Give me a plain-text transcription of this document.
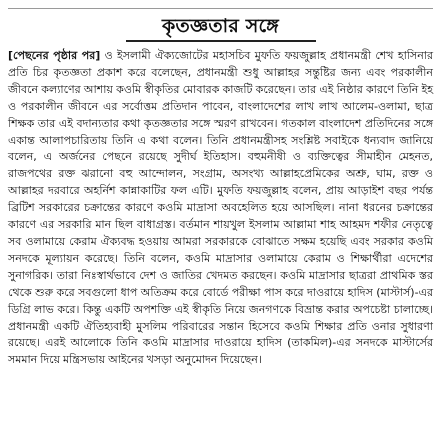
কৃতজ্ঞতার সঙ্গে

[পেছনের পৃষ্ঠার পর] ও ইসলামী ঐক্যজোটের মহাসচিব মুফতি ফয়জুল্লাহ প্রধানমন্ত্রী শেখ হাসিনার প্রতি চির কৃতজ্ঞতা প্রকাশ করে বলেছেন, প্রধানমন্ত্রী শুধু আল্লাহর সন্তুষ্টির জন্য এবং পরকালীন জীবনে কল্যাণের আশায় কওমি স্বীকৃতির মোবারক কাজটি করেছেন। তার এই নিষ্ঠার কারণে তিনি ইহ ও পরকালীন জীবনে এর সর্বোত্তম প্রতিদান পাবেন, বাংলাদেশের লাখ লাখ আলেম-ওলামা, ছাত্র শিক্ষক তার এই বদান্যতার কথা কৃতজ্ঞতার সঙ্গে স্মরণ রাখবেন। গতকাল বাংলাদেশ প্রতিদিনের সঙ্গে একান্ত আলাপচারিতায় তিনি এ কথা বলেন। তিনি প্রধানমন্ত্রীসহ সংশ্লিষ্ট সবাইকে ধন্যবাদ জানিয়ে বলেন, এ অর্জনের পেছনে রয়েছে সুদীর্ঘ ইতিহাস। বহুমনীষী ও ব্যক্তিত্বের সীমাহীন মেহনত, রাজপথের রক্ত ঝরানো বহু আন্দোলন, সংগ্রাম, অসংখ্য আল্লাহপ্রেমিকের অশ্রু, ঘাম, রক্ত ও আল্লাহর দরবারে অহর্নিশ কান্নাকাটির ফল এটি। মুফতি ফয়জুল্লাহ বলেন, প্রায় আড়াইশ বছর পর্যন্ত ব্রিটিশ সরকারের চক্রান্তের কারণে কওমি মাদ্রাসা অবহেলিত হয়ে আসছিল। নানা ধরনের চক্রান্তের কারণে এর সরকারি মান ছিল বাধাগ্রস্ত। বর্তমান শায়খুল ইসলাম আল্লামা শাহ আহমদ শফীর নেতৃত্বে সব ওলামায়ে কেরাম ঐক্যবদ্ধ হওয়ায় আমরা সরকারকে বোঝাতে সক্ষম হয়েছি এবং সরকার কওমি সনদকে মূল্যায়ন করেছে। তিনি বলেন, কওমি মাদ্রাসার ওলামায়ে কেরাম ও শিক্ষার্থীরা এদেশের সুনাগরিক। তারা নিঃস্বার্থভাবে দেশ ও জাতির খেদমত করছেন। কওমি মাদ্রাসার ছাত্ররা প্রাথমিক স্তর থেকে শুরু করে সবগুলো ধাপ অতিক্রম করে বোর্ডে পরীক্ষা পাস করে দাওরায়ে হাদিস (মাস্টার্স)-এর ডিগ্রি লাভ করে। কিন্তু একটি অপশক্তি এই স্বীকৃতি নিয়ে জনগণকে বিভ্রান্ত করার অপচেষ্টা চালাচ্ছে। প্রধানমন্ত্রী একটি ঐতিহ্যবাহী মুসলিম পরিবারের সন্তান হিসেবে কওমি শিক্ষার প্রতি ওনার সুধারণা রয়েছে। এরই আলোকে তিনি কওমি মাদ্রাসার দাওরায়ে হাদিস (তাকমিল)-এর সনদকে মাস্টার্সের সমমান দিয়ে মন্ত্রিসভায় আইনের খসড়া অনুমোদন দিয়েছেন।
